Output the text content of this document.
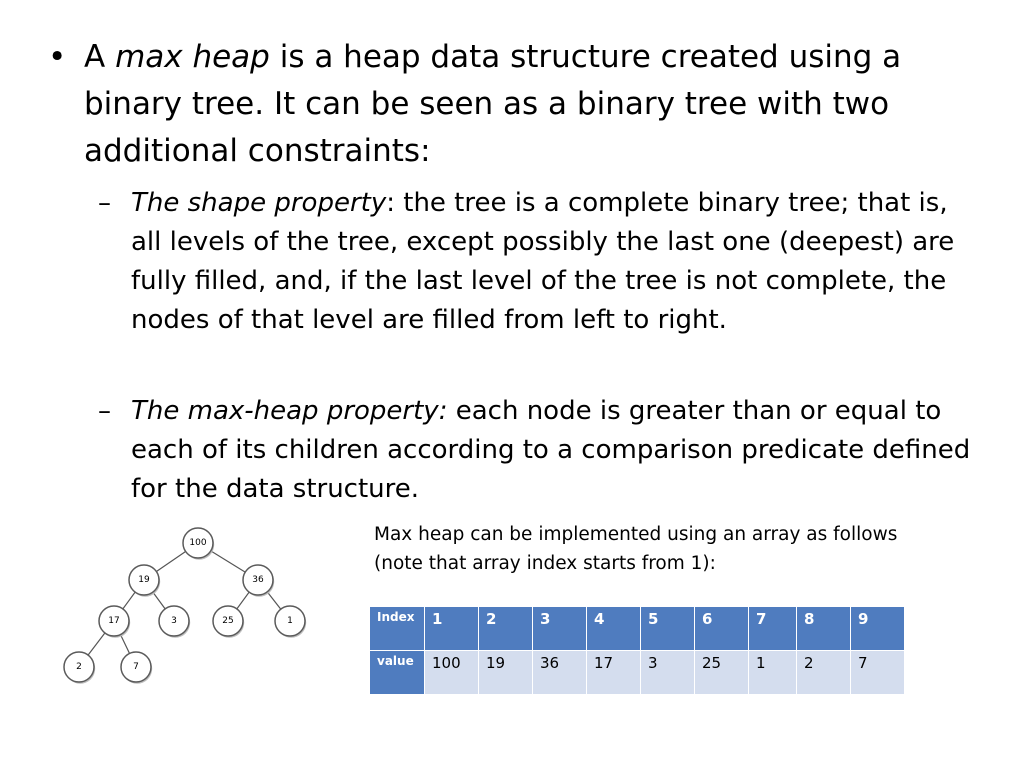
• A max heap is a heap data structure created using a binary tree. It can be seen as a binary tree with two additional constraints:
– The shape property: the tree is a complete binary tree; that is, all levels of the tree, except possibly the last one (deepest) are fully filled, and, if the last level of the tree is not complete, the nodes of that level are filled from left to right.
– The max-heap property: each node is greater than or equal to each of its children according to a comparison predicate defined for the data structure.
100
19	36
17	3	25	1
2	7
Max heap can be implemented using an array as follows
(note that array index starts from 1):
Index	1	2	3	4	5	6	7	8	9
value	100	19	36	17	3	25	1	2	7
